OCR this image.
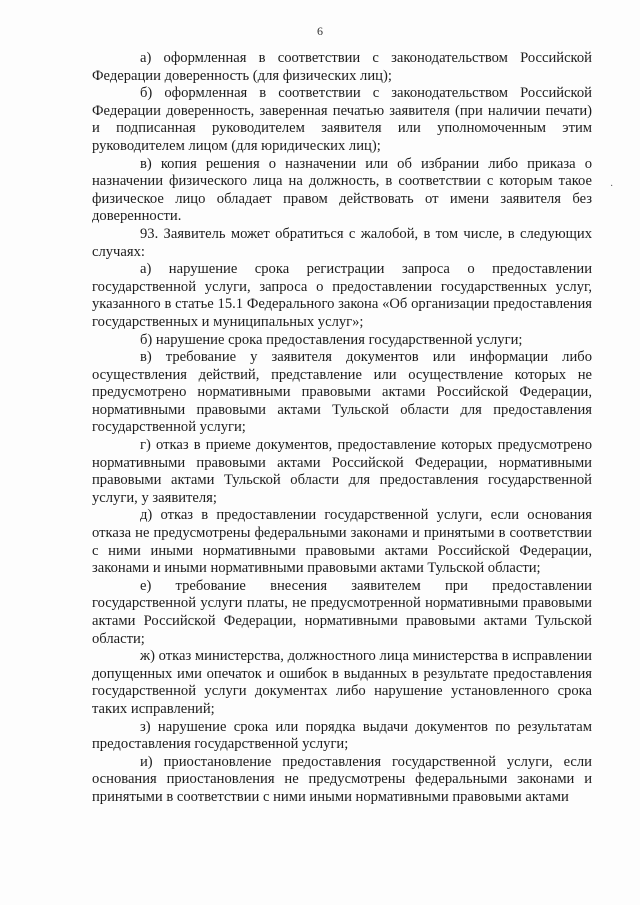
6
·

а) оформленная в соответствии с законодательством Российской Федерации доверенность (для физических лиц);

б) оформленная в соответствии с законодательством Российской Федерации доверенность, заверенная печатью заявителя (при наличии печати) и подписанная руководителем заявителя или уполномоченным этим руководителем лицом (для юридических лиц);

в) копия решения о назначении или об избрании либо приказа о назначении физического лица на должность, в соответствии с которым такое физическое лицо обладает правом действовать от имени заявителя без доверенности.

93. Заявитель может обратиться с жалобой, в том числе, в следующих случаях:

а) нарушение срока регистрации запроса о предоставлении государственной услуги, запроса о предоставлении государственных услуг, указанного в статье 15.1 Федерального закона «Об организации предоставления государственных и муниципальных услуг»;

б) нарушение срока предоставления государственной услуги;

в) требование у заявителя документов или информации либо осуществления действий, представление или осуществление которых не предусмотрено нормативными правовыми актами Российской Федерации, нормативными правовыми актами Тульской области для предоставления государственной услуги;

г) отказ в приеме документов, предоставление которых предусмотрено нормативными правовыми актами Российской Федерации, нормативными правовыми актами Тульской области для предоставления государственной услуги, у заявителя;

д) отказ в предоставлении государственной услуги, если основания отказа не предусмотрены федеральными законами и принятыми в соответствии с ними иными нормативными правовыми актами Российской Федерации, законами и иными нормативными правовыми актами Тульской области;

е) требование внесения заявителем при предоставлении государственной услуги платы, не предусмотренной нормативными правовыми актами Российской Федерации, нормативными правовыми актами Тульской области;

ж) отказ министерства, должностного лица министерства в исправлении допущенных ими опечаток и ошибок в выданных в результате предоставления государственной услуги документах либо нарушение установленного срока таких исправлений;

з) нарушение срока или порядка выдачи документов по результатам предоставления государственной услуги;

и) приостановление предоставления государственной услуги, если основания приостановления не предусмотрены федеральными законами и принятыми в соответствии с ними иными нормативными правовыми актами
